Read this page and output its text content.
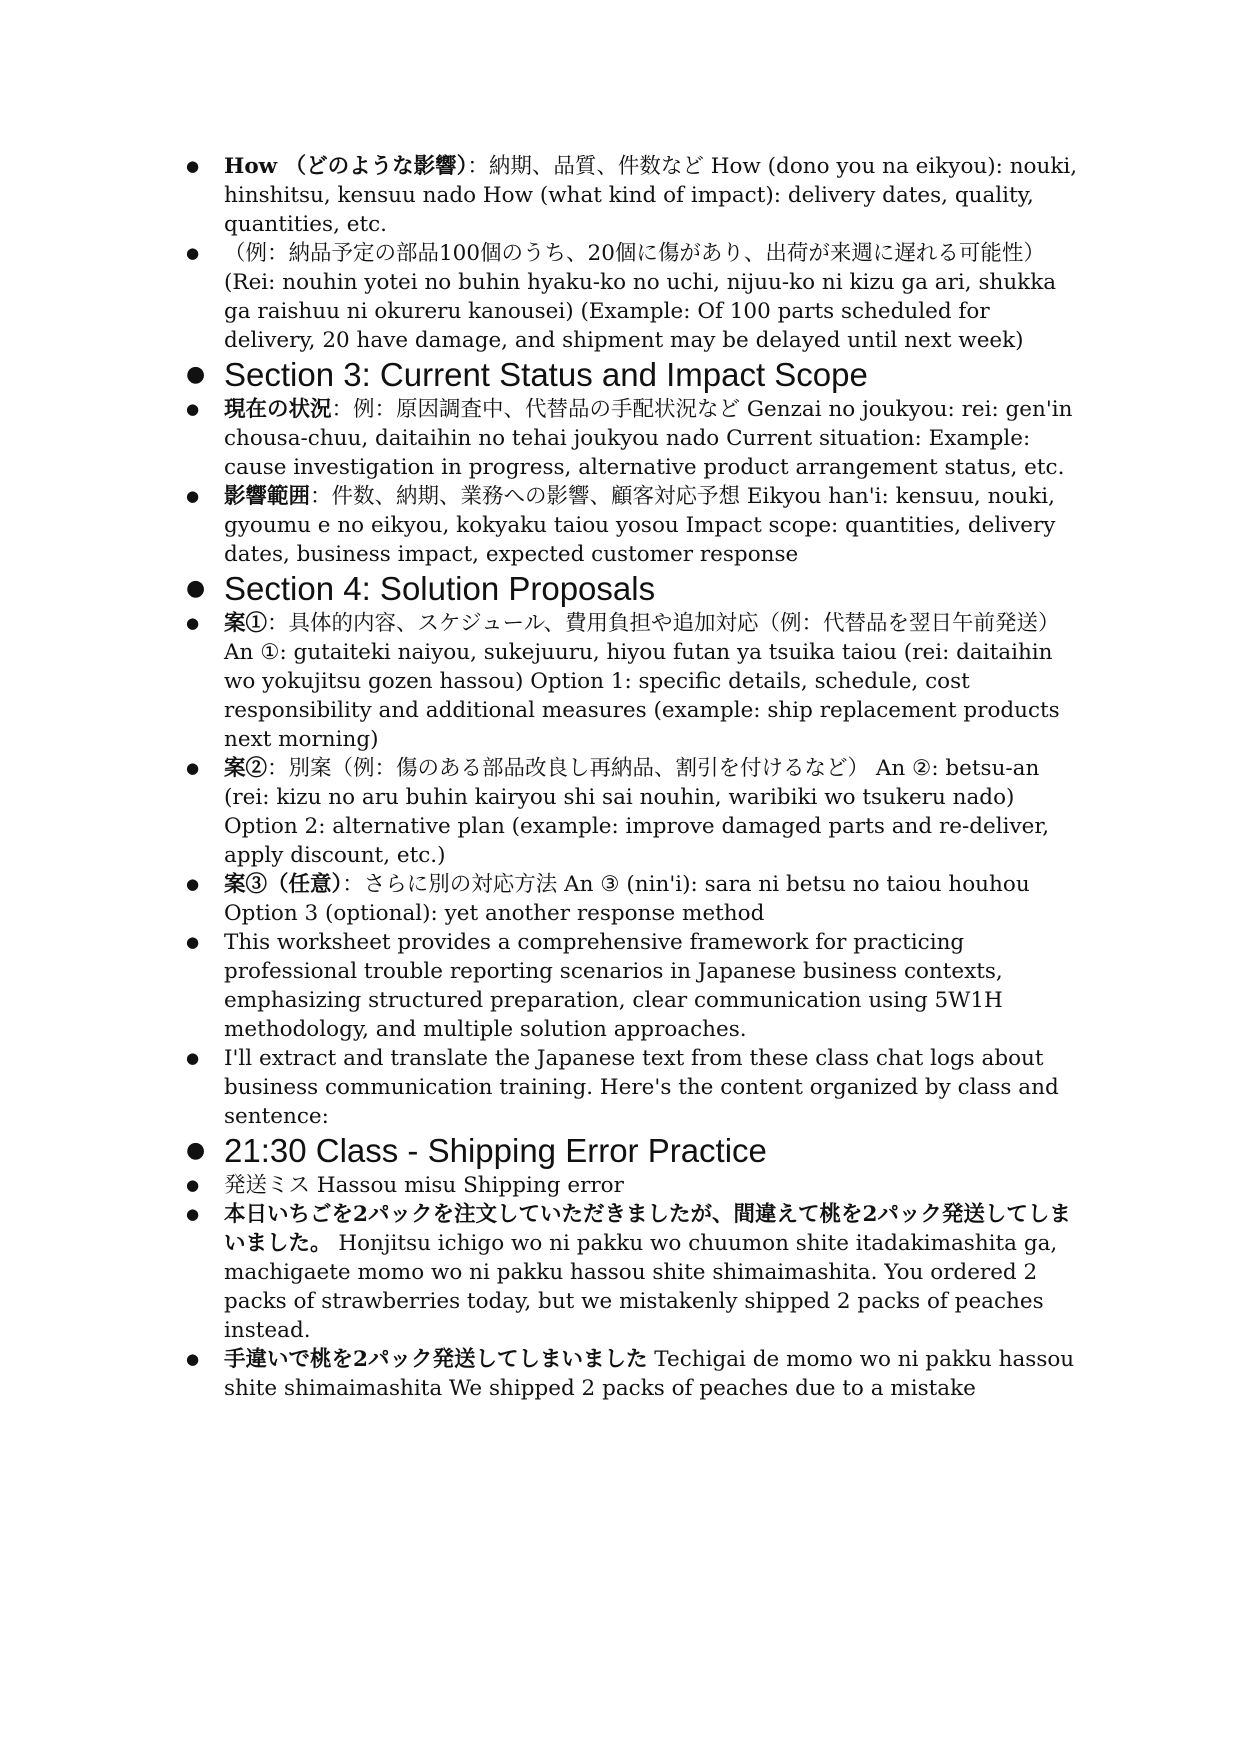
● How （どのような影響）：納期、品質、件数など How (dono you na eikyou): nouki, hinshitsu, kensuu nado How (what kind of impact): delivery dates, quality, quantities, etc.
● （例：納品予定の部品100個のうち、20個に傷があり、出荷が来週に遅れる可能性） (Rei: nouhin yotei no buhin hyaku-ko no uchi, nijuu-ko ni kizu ga ari, shukka ga raishuu ni okureru kanousei) (Example: Of 100 parts scheduled for delivery, 20 have damage, and shipment may be delayed until next week)
● Section 3: Current Status and Impact Scope
● 現在の状況：例：原因調査中、代替品の手配状況など Genzai no joukyou: rei: gen'in chousa-chuu, daitaihin no tehai joukyou nado Current situation: Example: cause investigation in progress, alternative product arrangement status, etc.
● 影響範囲：件数、納期、業務への影響、顧客対応予想 Eikyou han'i: kensuu, nouki, gyoumu e no eikyou, kokyaku taiou yosou Impact scope: quantities, delivery dates, business impact, expected customer response
● Section 4: Solution Proposals
● 案①：具体的内容、スケジュール、費用負担や追加対応（例：代替品を翌日午前発送） An ①: gutaiteki naiyou, sukejuuru, hiyou futan ya tsuika taiou (rei: daitaihin wo yokujitsu gozen hassou) Option 1: specific details, schedule, cost responsibility and additional measures (example: ship replacement products next morning)
● 案②：別案（例：傷のある部品改良し再納品、割引を付けるなど） An ②: betsu-an (rei: kizu no aru buhin kairyou shi sai nouhin, waribiki wo tsukeru nado) Option 2: alternative plan (example: improve damaged parts and re-deliver, apply discount, etc.)
● 案③（任意）：さらに別の対応方法 An ③ (nin'i): sara ni betsu no taiou houhou Option 3 (optional): yet another response method
● This worksheet provides a comprehensive framework for practicing professional trouble reporting scenarios in Japanese business contexts, emphasizing structured preparation, clear communication using 5W1H methodology, and multiple solution approaches.
● I'll extract and translate the Japanese text from these class chat logs about business communication training. Here's the content organized by class and sentence:
● 21:30 Class - Shipping Error Practice
● 発送ミス Hassou misu Shipping error
● 本日いちごを2パックを注文していただきましたが、間違えて桃を2パック発送してしまいました。 Honjitsu ichigo wo ni pakku wo chuumon shite itadakimashita ga, machigaete momo wo ni pakku hassou shite shimaimashita. You ordered 2 packs of strawberries today, but we mistakenly shipped 2 packs of peaches instead.
● 手違いで桃を2パック発送してしまいました Techigai de momo wo ni pakku hassou shite shimaimashita We shipped 2 packs of peaches due to a mistake
